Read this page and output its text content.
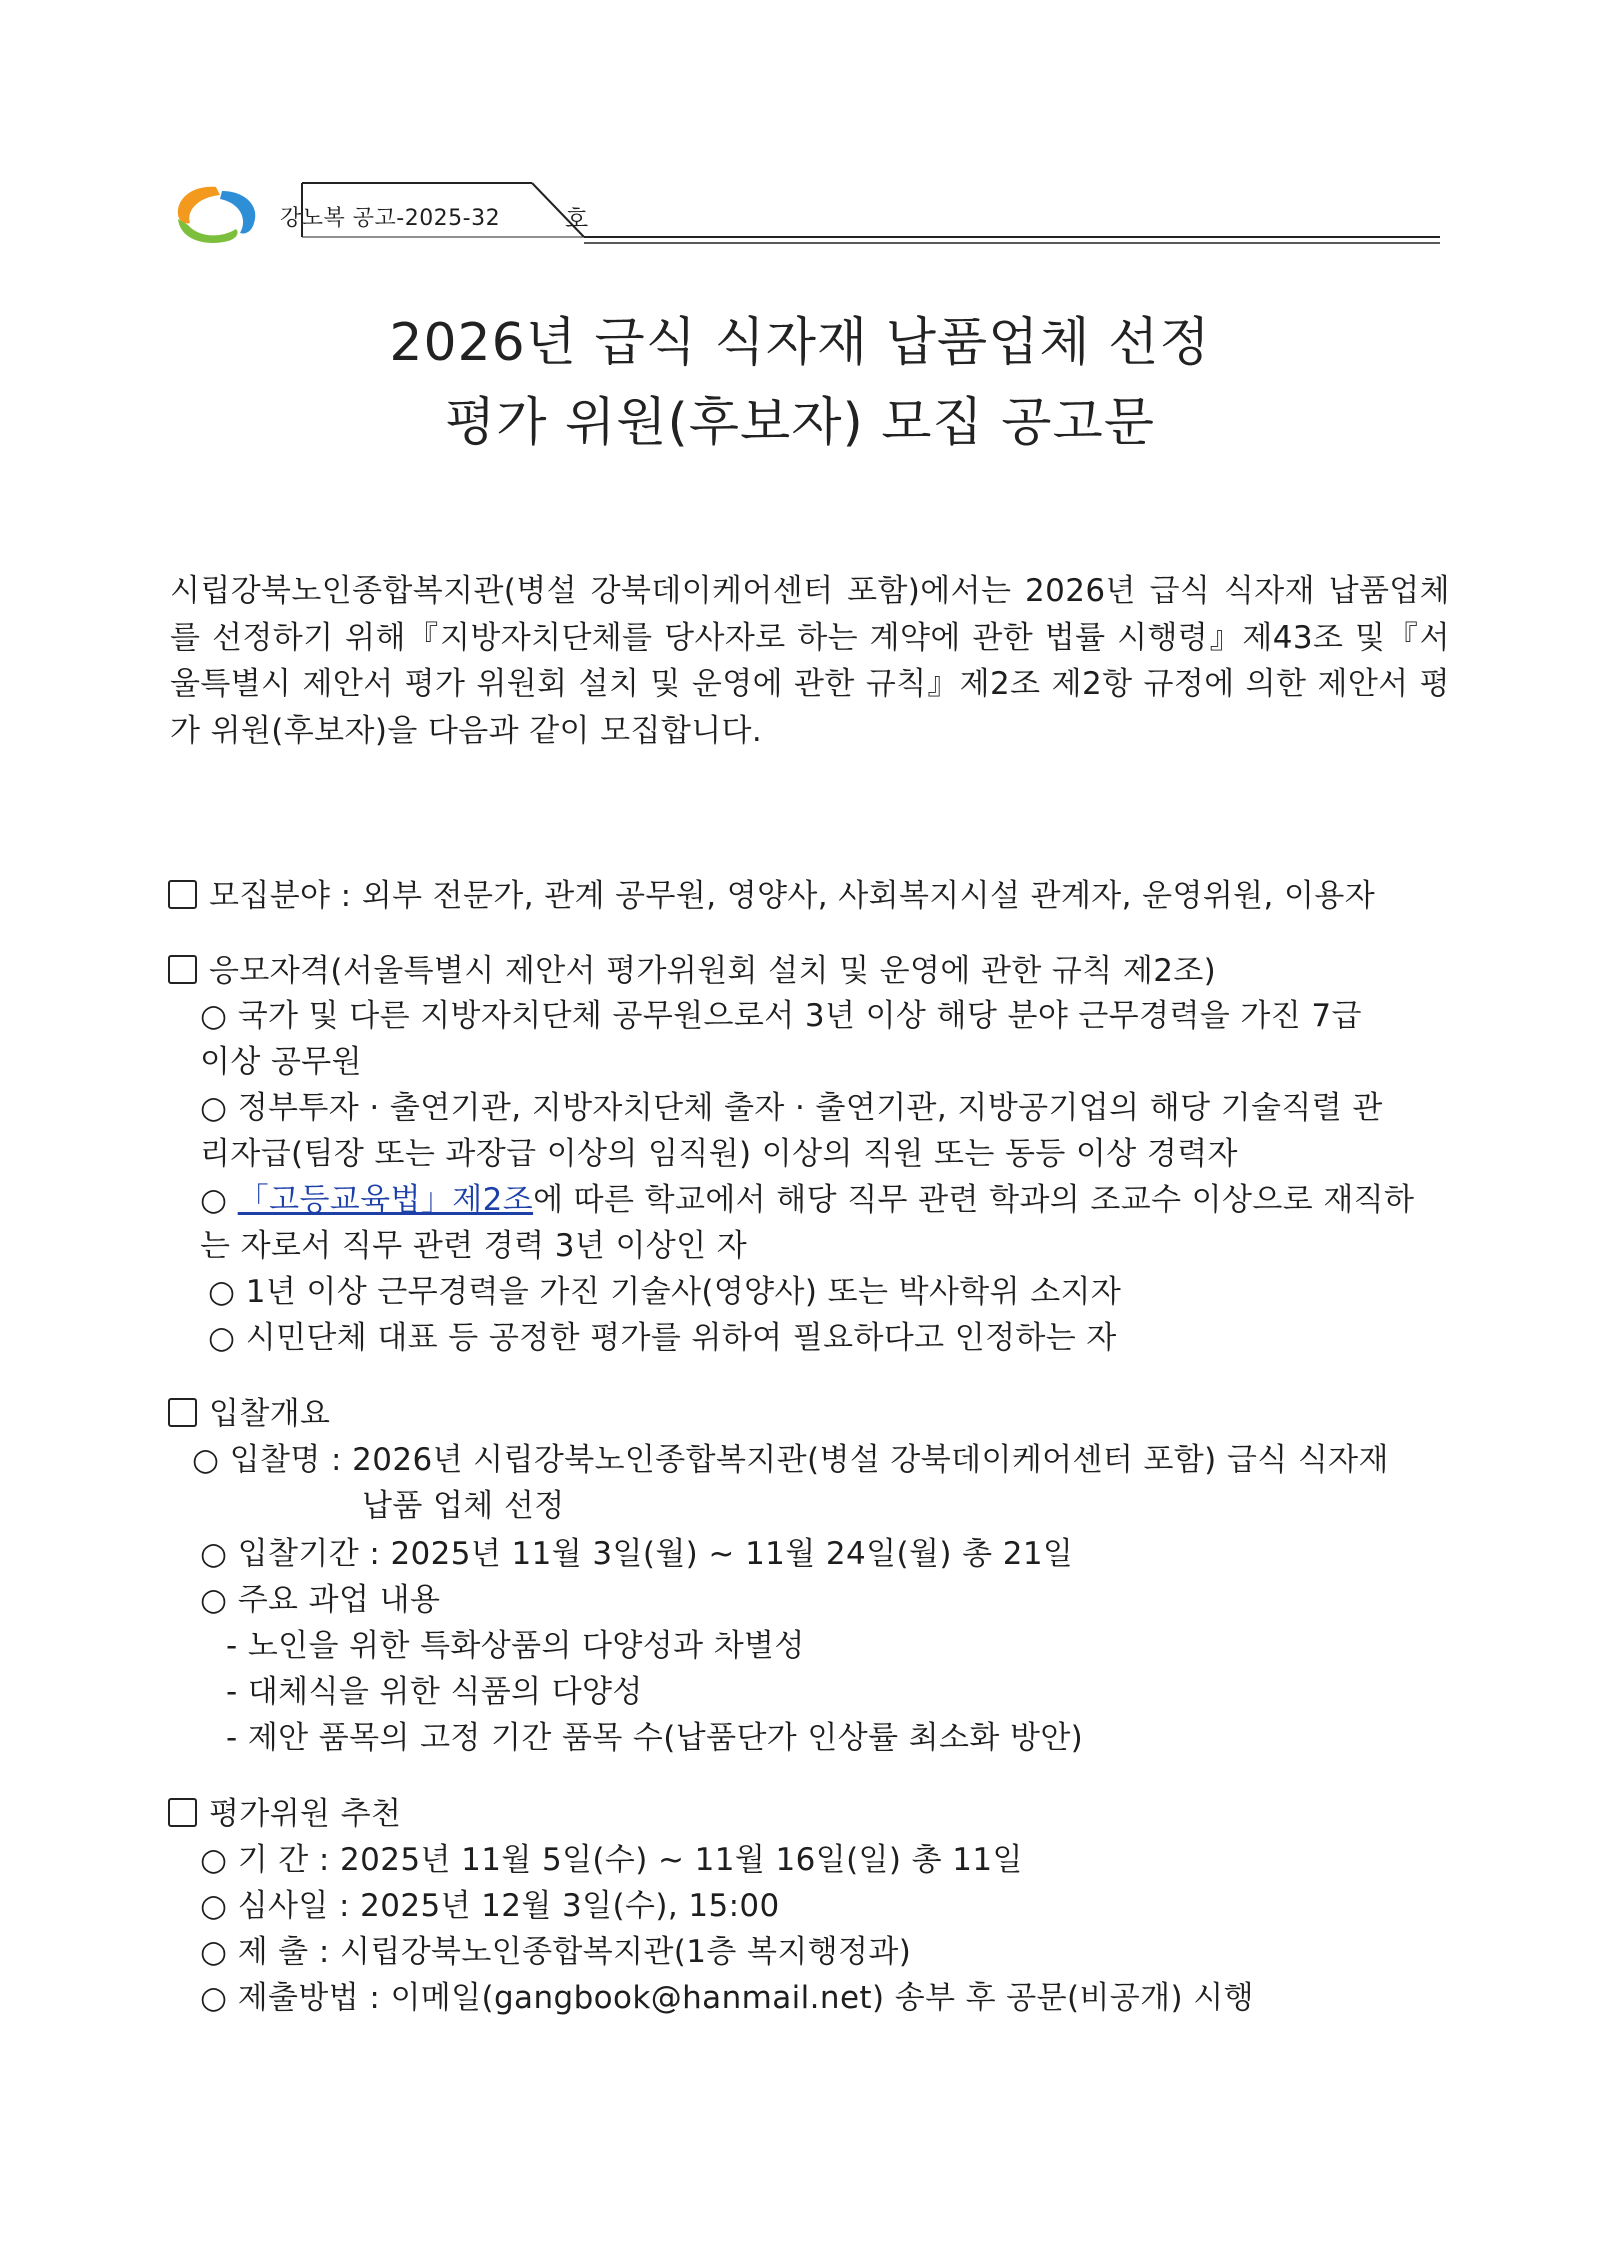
강노복 공고-2025-32	호
2026년 급식 식자재 납품업체 선정
평가 위원(후보자) 모집 공고문
시립강북노인종합복지관(병설 강북데이케어센터 포함)에서는 2026년 급식 식자재 납품업체를 선정하기 위해『지방자치단체를 당사자로 하는 계약에 관한 법률 시행령』제43조 및『서울특별시 제안서 평가 위원회 설치 및 운영에 관한 규칙』제2조 제2항 규정에 의한 제안서 평가 위원(후보자)을 다음과 같이 모집합니다.
모집분야 : 외부 전문가, 관계 공무원, 영양사, 사회복지시설 관계자, 운영위원, 이용자
응모자격(서울특별시 제안서 평가위원회 설치 및 운영에 관한 규칙 제2조)
○ 국가 및 다른 지방자치단체 공무원으로서 3년 이상 해당 분야 근무경력을 가진 7급
이상 공무원
○ 정부투자 · 출연기관, 지방자치단체 출자 · 출연기관, 지방공기업의 해당 기술직렬 관
리자급(팀장 또는 과장급 이상의 임직원) 이상의 직원 또는 동등 이상 경력자
○ 「고등교육법」제2조에 따른 학교에서 해당 직무 관련 학과의 조교수 이상으로 재직하
는 자로서 직무 관련 경력 3년 이상인 자
○ 1년 이상 근무경력을 가진 기술사(영양사) 또는 박사학위 소지자
○ 시민단체 대표 등 공정한 평가를 위하여 필요하다고 인정하는 자
입찰개요
○ 입찰명 : 2026년 시립강북노인종합복지관(병설 강북데이케어센터 포함) 급식 식자재
납품 업체 선정
○ 입찰기간 : 2025년 11월 3일(월) ~ 11월 24일(월) 총 21일
○ 주요 과업 내용
- 노인을 위한 특화상품의 다양성과 차별성
- 대체식을 위한 식품의 다양성
- 제안 품목의 고정 기간 품목 수(납품단가 인상률 최소화 방안)
평가위원 추천
○ 기 간 : 2025년 11월 5일(수) ~ 11월 16일(일) 총 11일
○ 심사일 : 2025년 12월 3일(수), 15:00
○ 제 출 : 시립강북노인종합복지관(1층 복지행정과)
○ 제출방법 : 이메일(gangbook@hanmail.net) 송부 후 공문(비공개) 시행
